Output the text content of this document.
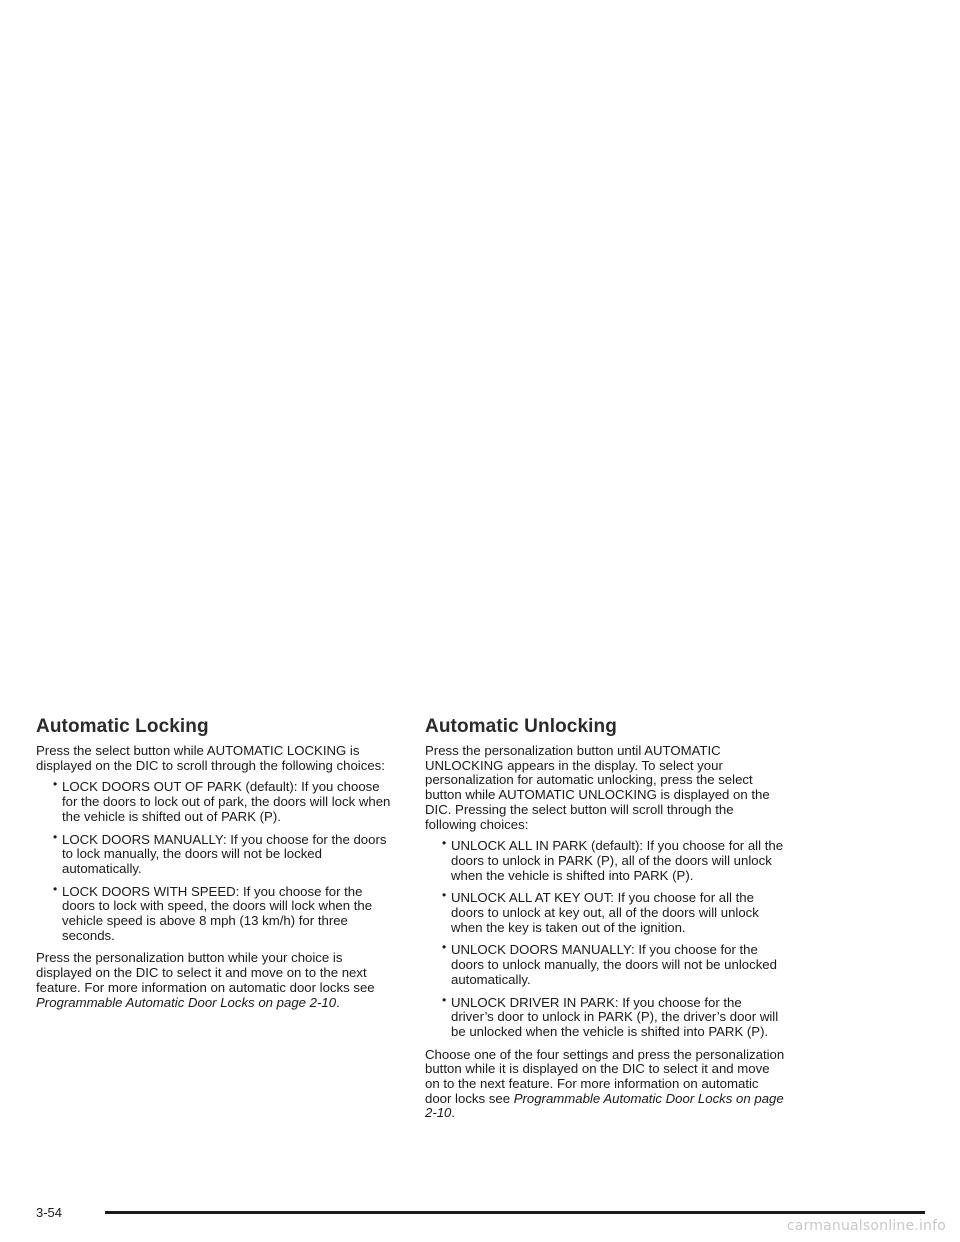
Automatic Locking

Press the select button while AUTOMATIC LOCKING is displayed on the DIC to scroll through the following choices:

• LOCK DOORS OUT OF PARK (default): If you choose for the doors to lock out of park, the doors will lock when the vehicle is shifted out of PARK (P).
• LOCK DOORS MANUALLY: If you choose for the doors to lock manually, the doors will not be locked automatically.
• LOCK DOORS WITH SPEED: If you choose for the doors to lock with speed, the doors will lock when the vehicle speed is above 8 mph (13 km/h) for three seconds.

Press the personalization button while your choice is displayed on the DIC to select it and move on to the next feature. For more information on automatic door locks see Programmable Automatic Door Locks on page 2-10.

Automatic Unlocking

Press the personalization button until AUTOMATIC UNLOCKING appears in the display. To select your personalization for automatic unlocking, press the select button while AUTOMATIC UNLOCKING is displayed on the DIC. Pressing the select button will scroll through the following choices:

• UNLOCK ALL IN PARK (default): If you choose for all the doors to unlock in PARK (P), all of the doors will unlock when the vehicle is shifted into PARK (P).
• UNLOCK ALL AT KEY OUT: If you choose for all the doors to unlock at key out, all of the doors will unlock when the key is taken out of the ignition.
• UNLOCK DOORS MANUALLY: If you choose for the doors to unlock manually, the doors will not be unlocked automatically.
• UNLOCK DRIVER IN PARK: If you choose for the driver’s door to unlock in PARK (P), the driver’s door will be unlocked when the vehicle is shifted into PARK (P).

Choose one of the four settings and press the personalization button while it is displayed on the DIC to select it and move on to the next feature. For more information on automatic door locks see Programmable Automatic Door Locks on page 2-10.

3-54
carmanualsonline.info
